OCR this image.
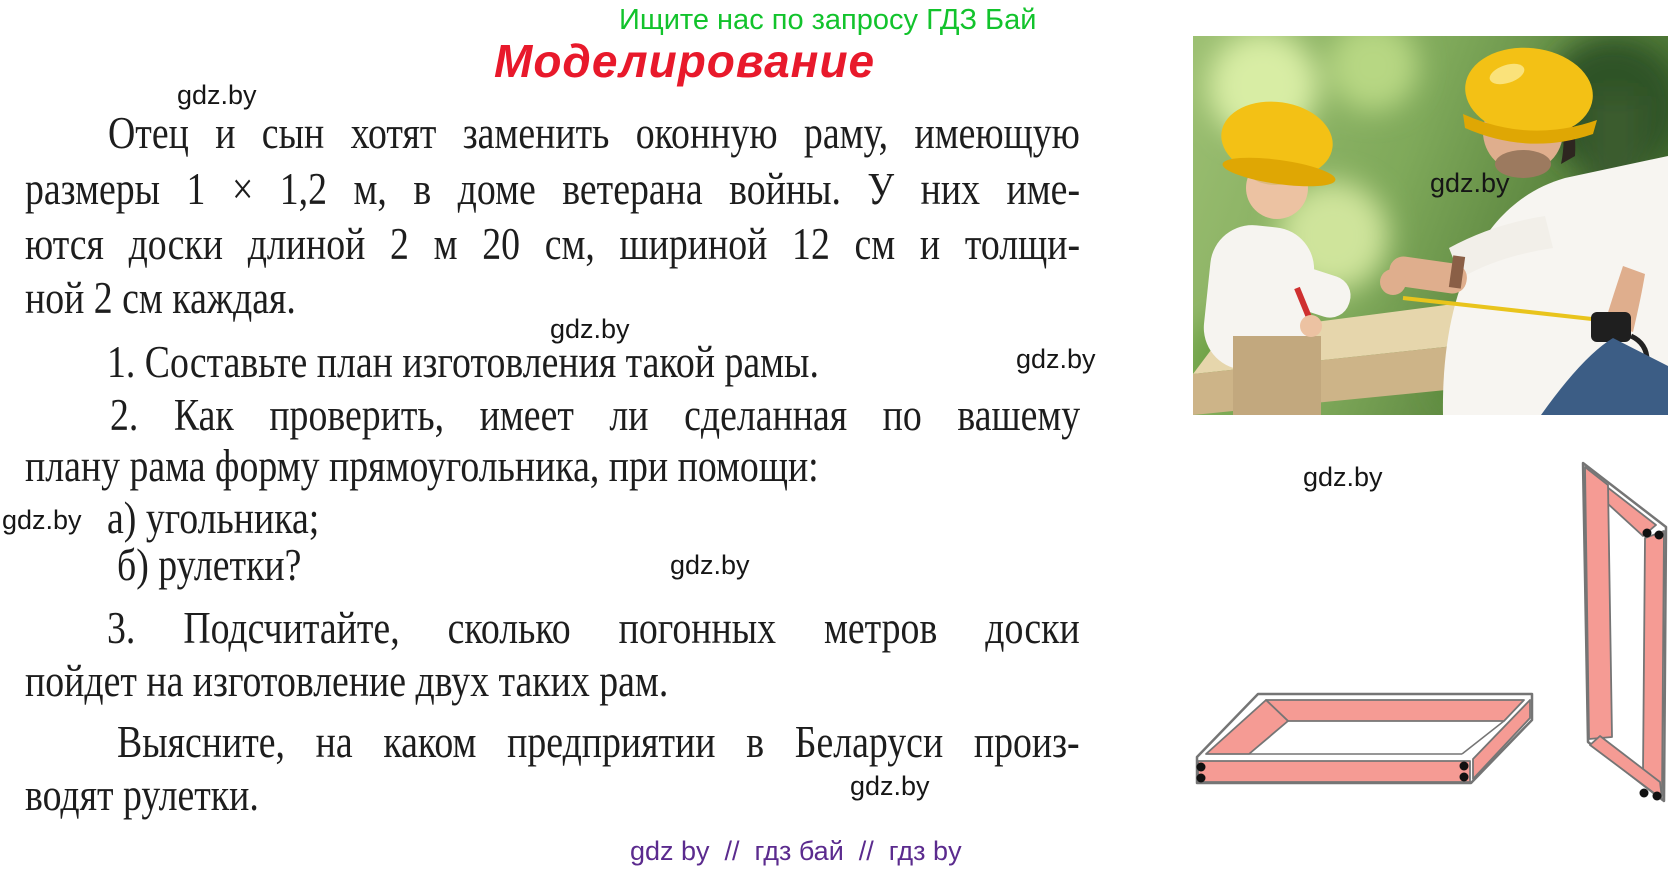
Ищите нас по запросу ГДЗ Бай
Моделирование
gdz.by
gdz.by
gdz.by
gdz.by
gdz.by
gdz.by
gdz.by
gdz.by
Отец и сын хотят заменить оконную раму, имеющую
размеры 1 × 1,2 м, в доме ветерана войны. У них име-
ются доски длиной 2 м 20 см, шириной 12 см и толщи-
ной 2 см каждая.
1. Составьте план изготовления такой рамы.
2. Как проверить, имеет ли сделанная по вашему
плану рама форму прямоугольника, при помощи:
а) угольника;
б) рулетки?
3. Подсчитайте, сколько погонных метров доски
пойдет на изготовление двух таких рам.
Выясните, на каком предприятии в Беларуси произ-
водят рулетки.
gdz by  //  гдз бай  //  гдз by
